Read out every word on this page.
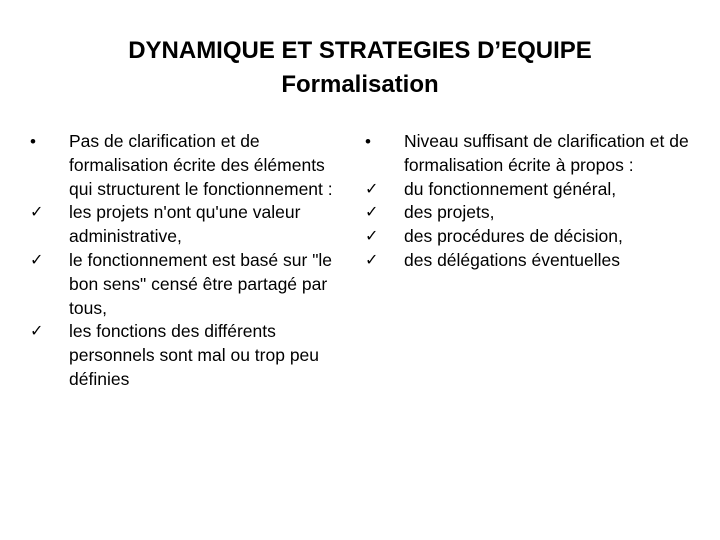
DYNAMIQUE ET STRATEGIES D’EQUIPE
Formalisation
•	Pas de clarification et de formalisation écrite des éléments qui structurent le fonctionnement :
✓	les projets n'ont qu'une valeur administrative,
✓	le fonctionnement est basé sur "le bon sens" censé être partagé par tous,
✓	les fonctions des différents personnels sont mal ou trop peu définies
•	Niveau suffisant de clarification et de formalisation écrite à propos :
✓	du fonctionnement général,
✓	des projets,
✓	des procédures de décision,
✓	des délégations éventuelles
